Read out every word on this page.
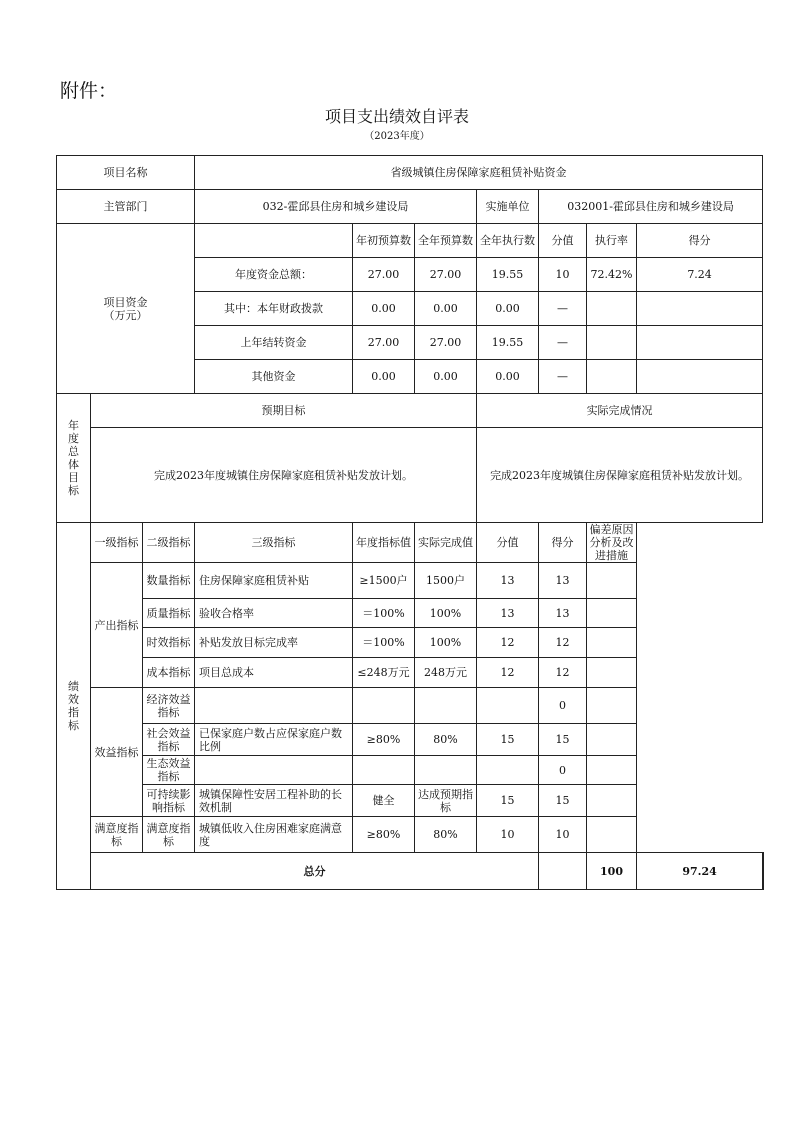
附件：
项目支出绩效自评表
（2023年度）
项目名称			省级城镇住房保障家庭租赁补贴资金							
主管部门			032-霍邱县住房和城乡建设局			实施单位	032001-霍邱县住房和城乡建设局			
项目资金
（万元）				年初预算数	全年预算数	全年执行数	分值	执行率	得分	
			年度资金总额：	27.00	27.00	19.55	10	72.42%	7.24	
			其中：本年财政拨款	0.00	0.00	0.00	—			
			上年结转资金	27.00	27.00	19.55	—			
			其他资金	0.00	0.00	0.00	—			
年度总体目标	预期目标					实际完成情况				
	完成2023年度城镇住房保障家庭租赁补贴发放计划。					完成2023年度城镇住房保障家庭租赁补贴发放计划。				
绩效指标	一级指标	二级指标	三级指标	年度指标值	实际完成值	分值	得分	偏差原因分析及改进措施		
	产出指标	数量指标	住房保障家庭租赁补贴	≥1500户	1500户	13	13			
		质量指标	验收合格率	＝100%	100%	13	13			
		时效指标	补贴发放目标完成率	＝100%	100%	12	12			
		成本指标	项目总成本	≤248万元	248万元	12	12			
	效益指标	经济效益指标					0			
		社会效益指标	已保家庭户数占应保家庭户数比例	≥80%	80%	15	15			
		生态效益指标					0			
		可持续影响指标	城镇保障性安居工程补助的长效机制	健全	达成预期指标	15	15			
	满意度指标	满意度指标	城镇低收入住房困难家庭满意度	≥80%	80%	10	10			
	总分							100	97.24	
